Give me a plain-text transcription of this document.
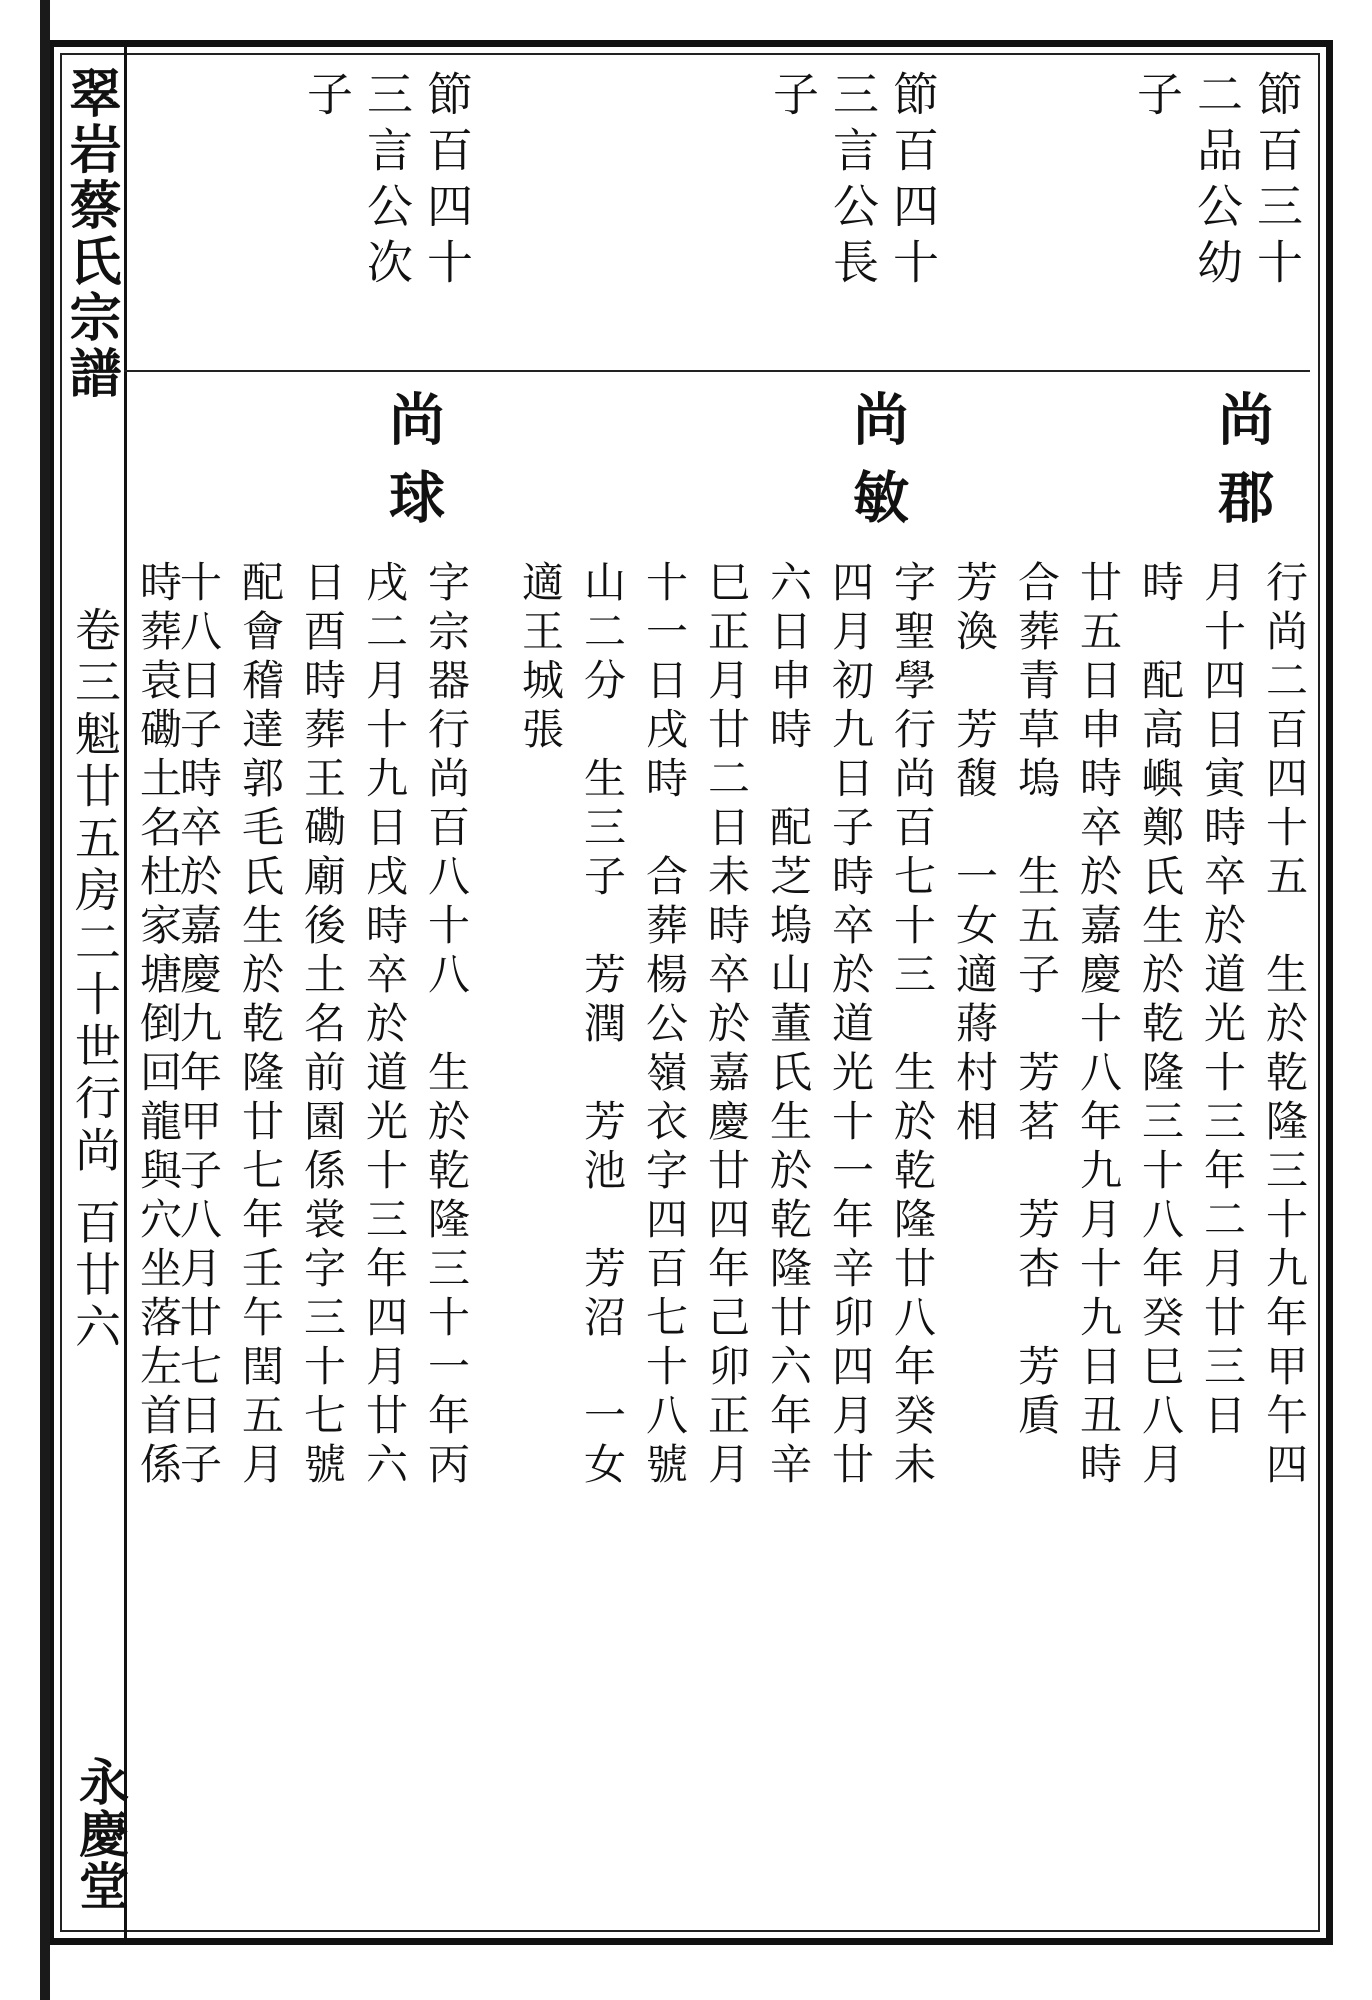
翠岩蔡氏宗譜
卷三魁廿五房二十世行尚 百廿六
永慶堂
節百三十
二品公幼
子
尚郡
行尚二百四十五　生於乾隆三十九年甲午四
月十四日寅時卒於道光十三年二月廿三日
時　配高嶼鄭氏生於乾隆三十八年癸巳八月
廿五日申時卒於嘉慶十八年九月十九日丑時
合葬青草塢　生五子　芳茗　芳杏　芳貭
芳渙　芳馥　一女適蔣村相
節百四十
三言公長
子
尚敏
字聖學行尚百七十三　生於乾隆廿八年癸未
四月初九日子時卒於道光十一年辛卯四月廿
六日申時　配芝塢山董氏生於乾隆廿六年辛
巳正月廿二日未時卒於嘉慶廿四年己卯正月
十一日戌時　合葬楊公嶺衣字四百七十八號
山二分　生三子　芳潤　芳池　芳沼　一女
適王城張
節百四十
三言公次
子
尚球
字宗器行尚百八十八　生於乾隆三十一年丙
戌二月十九日戌時卒於道光十三年四月廿六
日酉時葬王磡廟後土名前園係裳字三十七號
配會稽達郭毛氏生於乾隆廿七年壬午閏五月
十八日子時卒於嘉慶九年甲子八月廿七日子
時葬袁磡土名杜家塘倒回龍與穴坐落左首係
